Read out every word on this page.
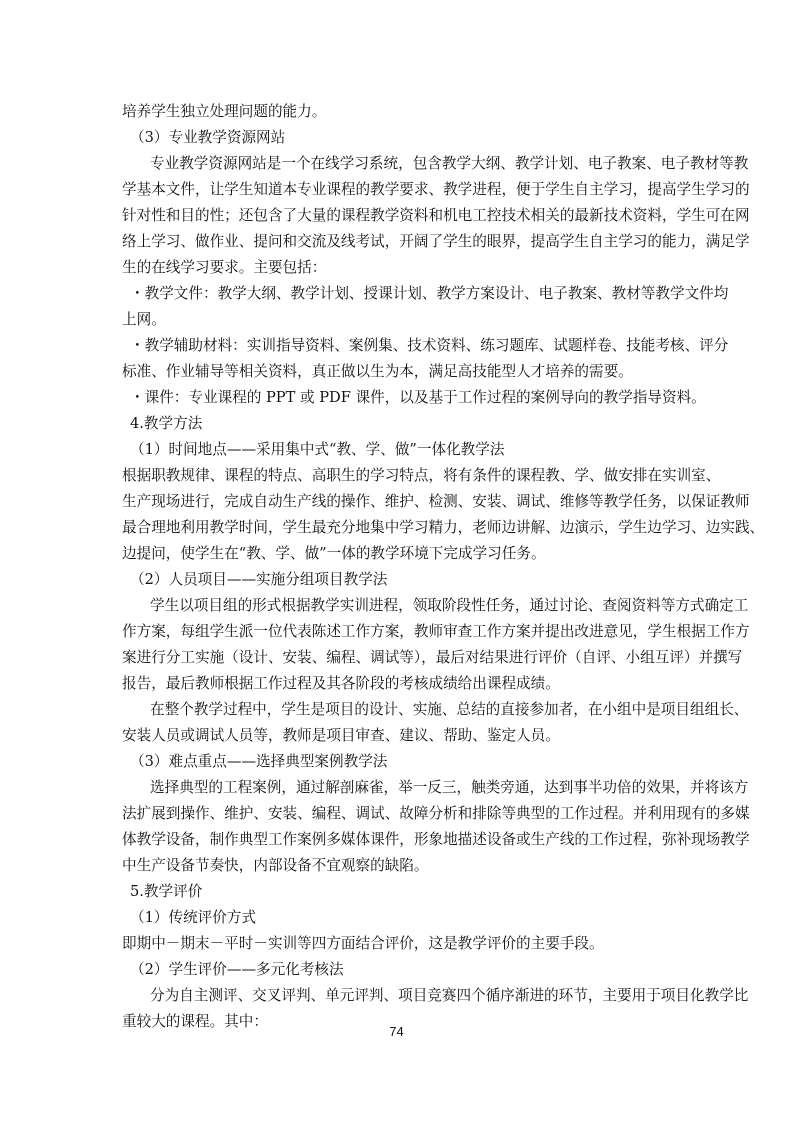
培养学生独立处理问题的能力。
（3）专业教学资源网站
专业教学资源网站是一个在线学习系统，包含教学大纲、教学计划、电子教案、电子教材等教
学基本文件，让学生知道本专业课程的教学要求、教学进程，便于学生自主学习，提高学生学习的
针对性和目的性；还包含了大量的课程教学资料和机电工控技术相关的最新技术资料，学生可在网
络上学习、做作业、提问和交流及线考试，开阔了学生的眼界，提高学生自主学习的能力，满足学
生的在线学习要求。主要包括：
・教学文件：教学大纲、教学计划、授课计划、教学方案设计、电子教案、教材等教学文件均
上网。
・教学辅助材料：实训指导资料、案例集、技术资料、练习题库、试题样卷、技能考核、评分
标准、作业辅导等相关资料，真正做以生为本，满足高技能型人才培养的需要。
・课件：专业课程的 PPT 或 PDF 课件，以及基于工作过程的案例导向的教学指导资料。
4.教学方法
（1）时间地点——采用集中式“教、学、做”一体化教学法
根据职教规律、课程的特点、高职生的学习特点，将有条件的课程教、学、做安排在实训室、
生产现场进行，完成自动生产线的操作、维护、检测、安装、调试、维修等教学任务，以保证教师
最合理地利用教学时间，学生最充分地集中学习精力，老师边讲解、边演示，学生边学习、边实践、
边提问，使学生在“教、学、做”一体的教学环境下完成学习任务。
（2）人员项目——实施分组项目教学法
学生以项目组的形式根据教学实训进程，领取阶段性任务，通过讨论、查阅资料等方式确定工
作方案，每组学生派一位代表陈述工作方案，教师审查工作方案并提出改进意见，学生根据工作方
案进行分工实施（设计、安装、编程、调试等），最后对结果进行评价（自评、小组互评）并撰写
报告，最后教师根据工作过程及其各阶段的考核成绩给出课程成绩。
在整个教学过程中，学生是项目的设计、实施、总结的直接参加者，在小组中是项目组组长、
安装人员或调试人员等，教师是项目审查、建议、帮助、鉴定人员。
（3）难点重点——选择典型案例教学法
选择典型的工程案例，通过解剖麻雀，举一反三，触类旁通，达到事半功倍的效果，并将该方
法扩展到操作、维护、安装、编程、调试、故障分析和排除等典型的工作过程。并利用现有的多媒
体教学设备，制作典型工作案例多媒体课件，形象地描述设备或生产线的工作过程，弥补现场教学
中生产设备节奏快，内部设备不宜观察的缺陷。
5.教学评价
（1）传统评价方式
即期中－期末－平时－实训等四方面结合评价，这是教学评价的主要手段。
（2）学生评价——多元化考核法
分为自主测评、交叉评判、单元评判、项目竞赛四个循序渐进的环节，主要用于项目化教学比
重较大的课程。其中：
74
